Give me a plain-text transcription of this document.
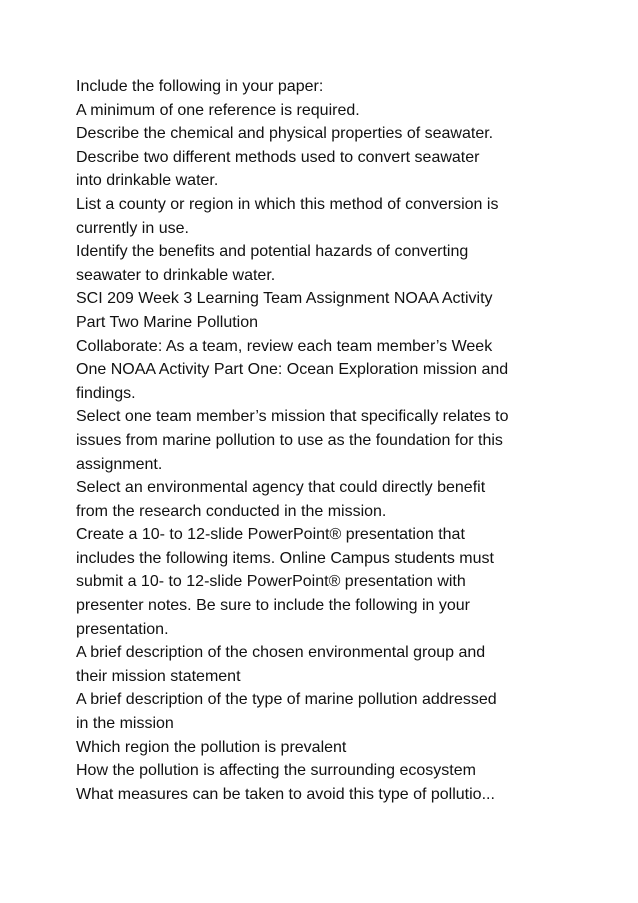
Include the following in your paper:
A minimum of one reference is required.
Describe the chemical and physical properties of seawater.
Describe two different methods used to convert seawater
into drinkable water.
List a county or region in which this method of conversion is
currently in use.
Identify the benefits and potential hazards of converting
seawater to drinkable water.
SCI 209 Week 3 Learning Team Assignment NOAA Activity
Part Two Marine Pollution
Collaborate: As a team, review each team member’s Week
One NOAA Activity Part One: Ocean Exploration mission and
findings.
Select one team member’s mission that specifically relates to
issues from marine pollution to use as the foundation for this
assignment.
Select an environmental agency that could directly benefit
from the research conducted in the mission.
Create a 10- to 12-slide PowerPoint® presentation that
includes the following items. Online Campus students must
submit a 10- to 12-slide PowerPoint® presentation with
presenter notes. Be sure to include the following in your
presentation.
A brief description of the chosen environmental group and
their mission statement
A brief description of the type of marine pollution addressed
in the mission
Which region the pollution is prevalent
How the pollution is affecting the surrounding ecosystem
What measures can be taken to avoid this type of pollutio...
